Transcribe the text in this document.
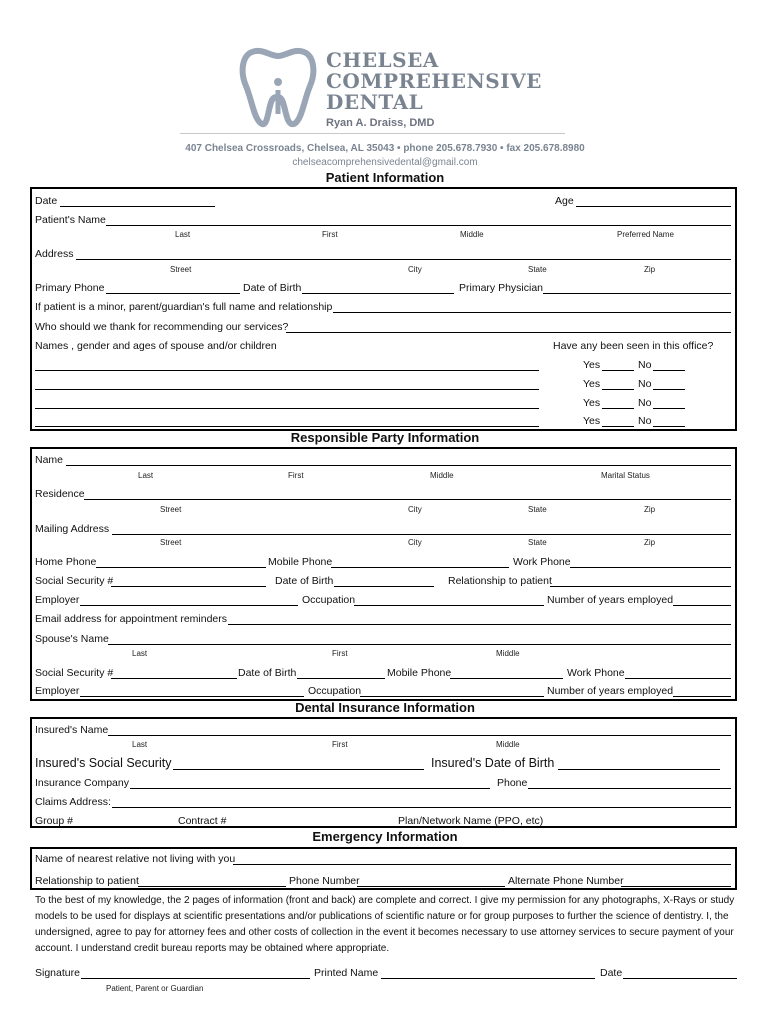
CHELSEA
COMPREHENSIVE
DENTAL
Ryan A. Draiss, DMD
407 Chelsea Crossroads, Chelsea, AL 35043 • phone 205.678.7930 • fax 205.678.8980
chelseacomprehensivedental@gmail.com
Patient Information
Date	Age
Patient's Name
Last	First	Middle	Preferred Name
Address
Street	City	State	Zip
Primary Phone	Date of Birth	Primary Physician
If patient is a minor, parent/guardian's full name and relationship
Who should we thank for recommending our services?
Names , gender and ages of spouse and/or children	Have any been seen in this office?
Yes	No
Yes	No
Yes	No
Yes	No
Responsible Party Information
Name
Last	First	Middle	Marital Status
Residence
Street	City	State	Zip
Mailing Address
Street	City	State	Zip
Home Phone	Mobile Phone	Work Phone
Social Security #	Date of Birth	Relationship to patient
Employer	Occupation	Number of years employed
Email address for appointment reminders
Spouse's Name
Last	First	Middle
Social Security #	Date of Birth	Mobile Phone	Work Phone
Employer	Occupation	Number of years employed
Dental Insurance Information
Insured's Name
Last	First	Middle
Insured's Social Security	Insured's Date of Birth
Insurance Company	Phone
Claims Address:
Group #	Contract #	Plan/Network Name (PPO, etc)
Emergency Information
Name of nearest relative not living with you
Relationship to patient	Phone Number	Alternate Phone Number
To the best of my knowledge, the 2 pages of information (front and back) are complete and correct. I give my permission for any photographs, X-Rays or study models to be used for displays at scientific presentations and/or publications of scientific nature or for group purposes to further the science of dentistry. I, the undersigned, agree to pay for attorney fees and other costs of collection in the event it becomes necessary to use attorney services to secure payment of your account. I understand credit bureau reports may be obtained where appropriate.
Signature	Printed Name	Date
Patient, Parent or Guardian
